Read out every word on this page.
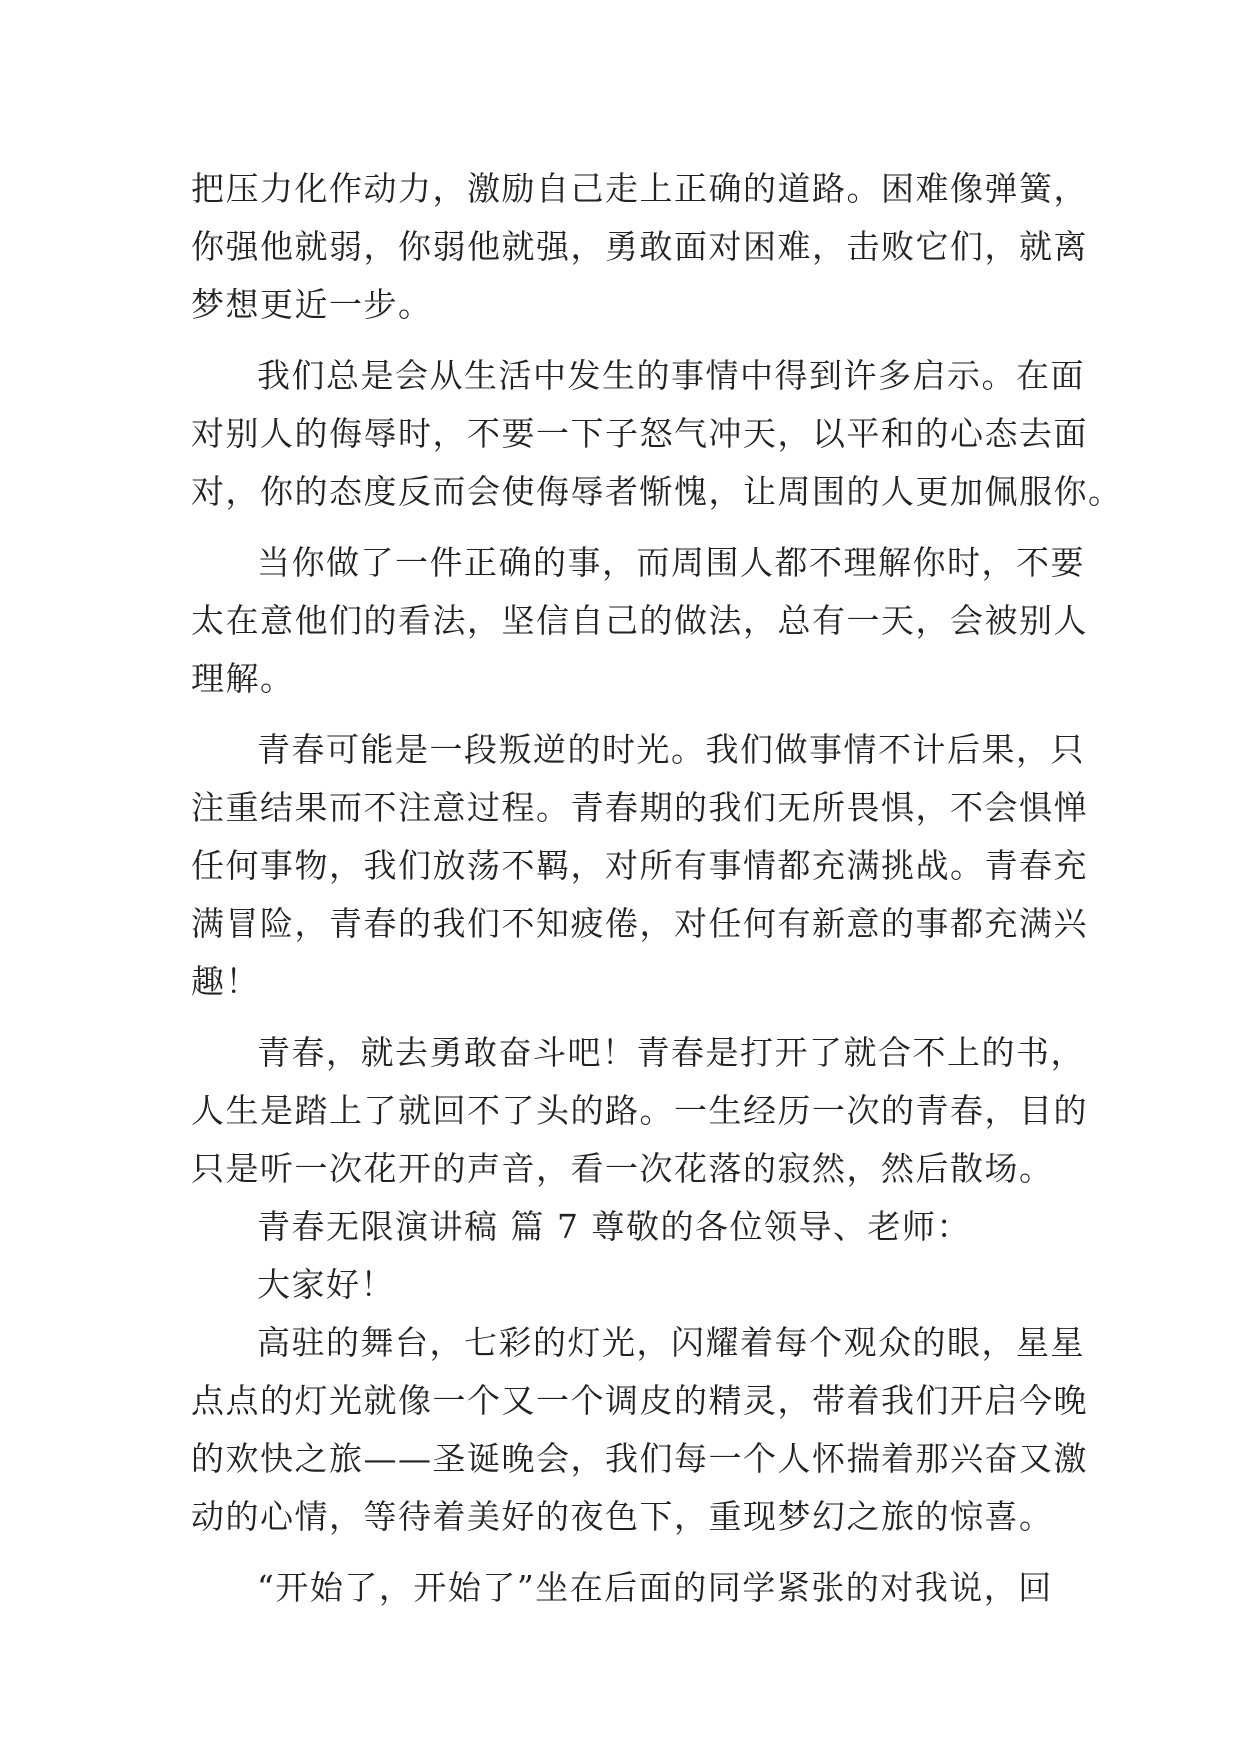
把压力化作动力，激励自己走上正确的道路。困难像弹簧，
你强他就弱，你弱他就强，勇敢面对困难，击败它们，就离
梦想更近一步。
我们总是会从生活中发生的事情中得到许多启示。在面
对别人的侮辱时，不要一下子怒气冲天，以平和的心态去面
对，你的态度反而会使侮辱者惭愧，让周围的人更加佩服你。
当你做了一件正确的事，而周围人都不理解你时，不要
太在意他们的看法，坚信自己的做法，总有一天，会被别人
理解。
青春可能是一段叛逆的时光。我们做事情不计后果，只
注重结果而不注意过程。青春期的我们无所畏惧，不会惧惮
任何事物，我们放荡不羁，对所有事情都充满挑战。青春充
满冒险，青春的我们不知疲倦，对任何有新意的事都充满兴
趣！
青春，就去勇敢奋斗吧！青春是打开了就合不上的书，
人生是踏上了就回不了头的路。一生经历一次的青春，目的
只是听一次花开的声音，看一次花落的寂然，然后散场。
青春无限演讲稿 篇 7 尊敬的各位领导、老师：
大家好！
高驻的舞台，七彩的灯光，闪耀着每个观众的眼，星星
点点的灯光就像一个又一个调皮的精灵，带着我们开启今晚
的欢快之旅——圣诞晚会，我们每一个人怀揣着那兴奋又激
动的心情，等待着美好的夜色下，重现梦幻之旅的惊喜。
“开始了，开始了”坐在后面的同学紧张的对我说，回
